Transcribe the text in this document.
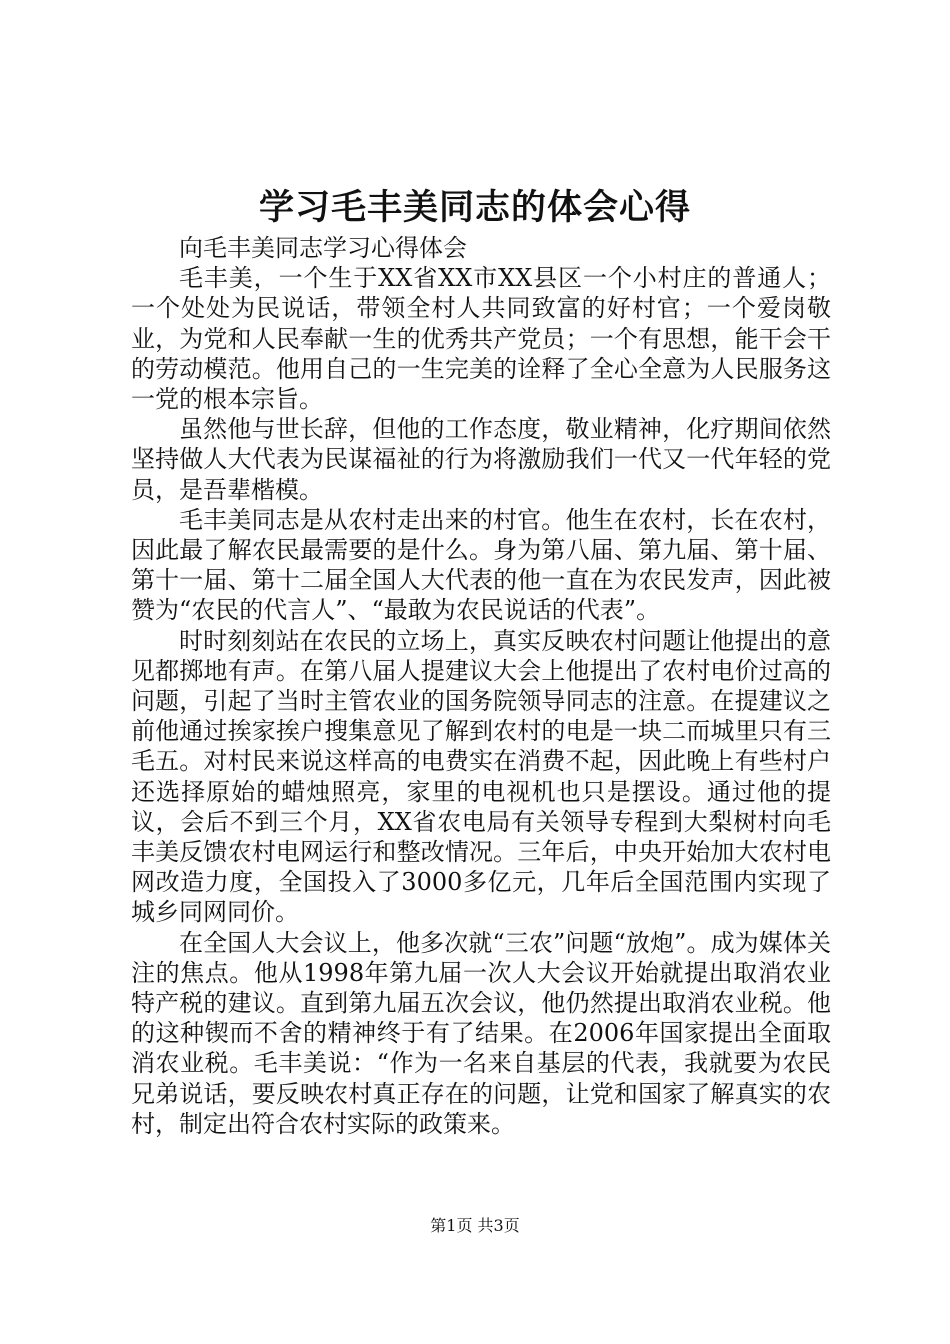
学习毛丰美同志的体会心得

向毛丰美同志学习心得体会

毛丰美，一个生于XX省XX市XX县区一个小村庄的普通人；一个处处为民说话，带领全村人共同致富的好村官；一个爱岗敬业，为党和人民奉献一生的优秀共产党员；一个有思想，能干会干的劳动模范。他用自己的一生完美的诠释了全心全意为人民服务这一党的根本宗旨。

虽然他与世长辞，但他的工作态度，敬业精神，化疗期间依然坚持做人大代表为民谋福祉的行为将激励我们一代又一代年轻的党员，是吾辈楷模。

毛丰美同志是从农村走出来的村官。他生在农村，长在农村，因此最了解农民最需要的是什么。身为第八届、第九届、第十届、第十一届、第十二届全国人大代表的他一直在为农民发声，因此被赞为“农民的代言人”、“最敢为农民说话的代表”。

时时刻刻站在农民的立场上，真实反映农村问题让他提出的意见都掷地有声。在第八届人提建议大会上他提出了农村电价过高的问题，引起了当时主管农业的国务院领导同志的注意。在提建议之前他通过挨家挨户搜集意见了解到农村的电是一块二而城里只有三毛五。对村民来说这样高的电费实在消费不起，因此晚上有些村户还选择原始的蜡烛照亮，家里的电视机也只是摆设。通过他的提议，会后不到三个月，XX省农电局有关领导专程到大梨树村向毛丰美反馈农村电网运行和整改情况。三年后，中央开始加大农村电网改造力度，全国投入了3000多亿元，几年后全国范围内实现了城乡同网同价。

在全国人大会议上，他多次就“三农”问题“放炮”。成为媒体关注的焦点。他从1998年第九届一次人大会议开始就提出取消农业特产税的建议。直到第九届五次会议，他仍然提出取消农业税。他的这种锲而不舍的精神终于有了结果。在2006年国家提出全面取消农业税。毛丰美说：“作为一名来自基层的代表，我就要为农民兄弟说话，要反映农村真正存在的问题，让党和国家了解真实的农村，制定出符合农村实际的政策来。

第1页 共3页
